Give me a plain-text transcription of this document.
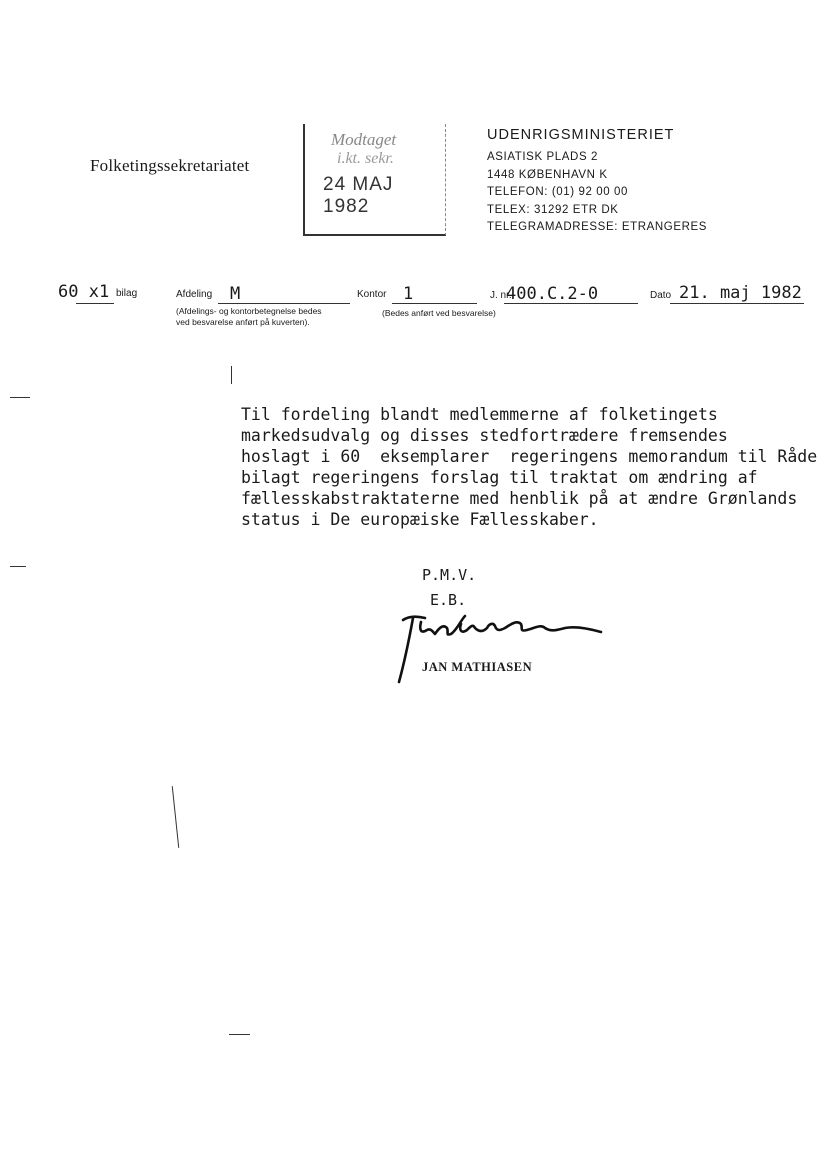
Folketingssekretariatet
Modtaget
i.kt. sekr.
24 MAJ 1982
UDENRIGSMINISTERIET
ASIATISK PLADS 2
1448 KØBENHAVN K
TELEFON: (01) 92 00 00
TELEX: 31292 ETR DK
TELEGRAMADRESSE: ETRANGERES
60 x1 bilag	Afdeling M
(Afdelings- og kontorbetegnelse bedes
ved besvarelse anført på kuverten).
Kontor 1
(Bedes anført ved besvarelse)
J. nr.
400.C.2-0	Dato 21. maj 1982
Til fordeling blandt medlemmerne af folketingets
markedsudvalg og disses stedfortrædere fremsendes
hoslagt i 60  eksemplarer  regeringens memorandum til Råde
bilagt regeringens forslag til traktat om ændring af
fællesskabstraktaterne med henblik på at ændre Grønlands
status i De europæiske Fællesskaber.
P.M.V.
E.B.
JAN MATHIASEN
